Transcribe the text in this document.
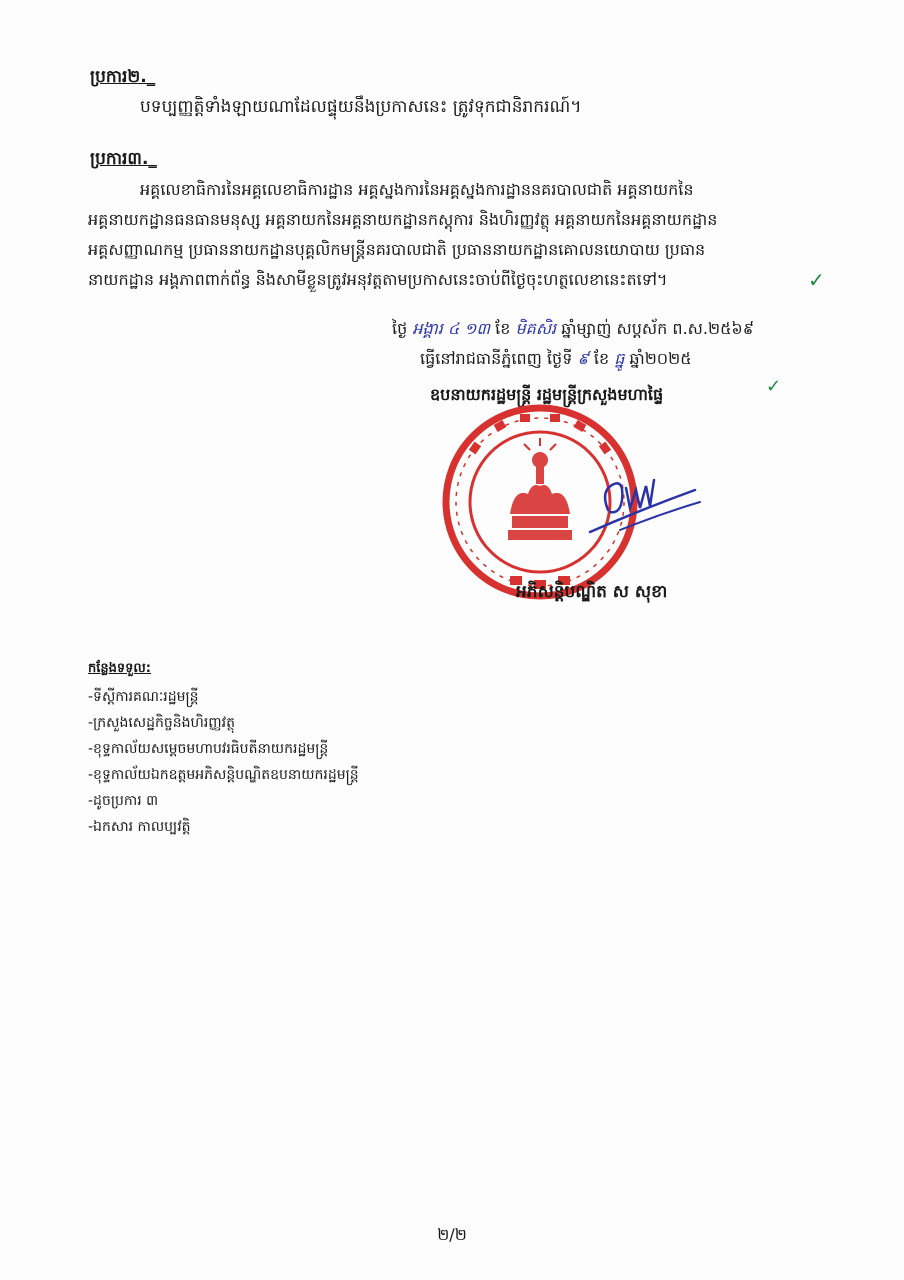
ប្រការ២._
បទប្បញ្ញត្តិទាំងឡាយណាដែលផ្ទុយនឹងប្រកាសនេះ ត្រូវទុកជានិរាករណ៍។
ប្រការ៣._
អគ្គលេខាធិការនៃអគ្គលេខាធិការដ្ឋាន អគ្គស្នងការនៃអគ្គស្នងការដ្ឋាននគរបាលជាតិ អគ្គនាយកនៃ
អគ្គនាយកដ្ឋានធនធានមនុស្ស អគ្គនាយកនៃអគ្គនាយកដ្ឋានកស្តុការ និងហិរញ្ញវត្ថុ អគ្គនាយកនៃអគ្គនាយកដ្ឋាន
អគ្គសញ្ញាណកម្ម ប្រធាននាយកដ្ឋានបុគ្គលិកមន្ត្រីនគរបាលជាតិ ប្រធាននាយកដ្ឋានគោលនយោបាយ ប្រធាន
នាយកដ្ឋាន អង្គភាពពាក់ព័ន្ធ និងសាមីខ្លួនត្រូវអនុវត្តតាមប្រកាសនេះចាប់ពីថ្ងៃចុះហត្ថលេខានេះតទៅ។	✓
ថ្ងៃ អង្គារ ៤ ១៣ ខែ មិគសិរ ឆ្នាំម្សាញ់ សប្តស័ក ព.ស.២៥៦៩
ធ្វើនៅរាជធានីភ្នំពេញ ថ្ងៃទី ៩ ខែ ធ្នូ ឆ្នាំ២០២៥
ឧបនាយករដ្ឋមន្ត្រី រដ្ឋមន្ត្រីក្រសួងមហាផ្ទៃ	✓
អភិសន្តិបណ្ឌិត ស សុខា
កន្លែងទទួល:
-ទីស្តីការគណៈរដ្ឋមន្ត្រី
-ក្រសួងសេដ្ឋកិច្ចនិងហិរញ្ញវត្ថុ
-ខុទ្ទកាល័យសម្តេចមហាបវរធិបតីនាយករដ្ឋមន្ត្រី
-ខុទ្ទកាល័យឯកឧត្តមអភិសន្តិបណ្ឌិតឧបនាយករដ្ឋមន្ត្រី
-ដូចប្រការ ៣
-ឯកសារ កាលប្បវត្តិ
២/២
